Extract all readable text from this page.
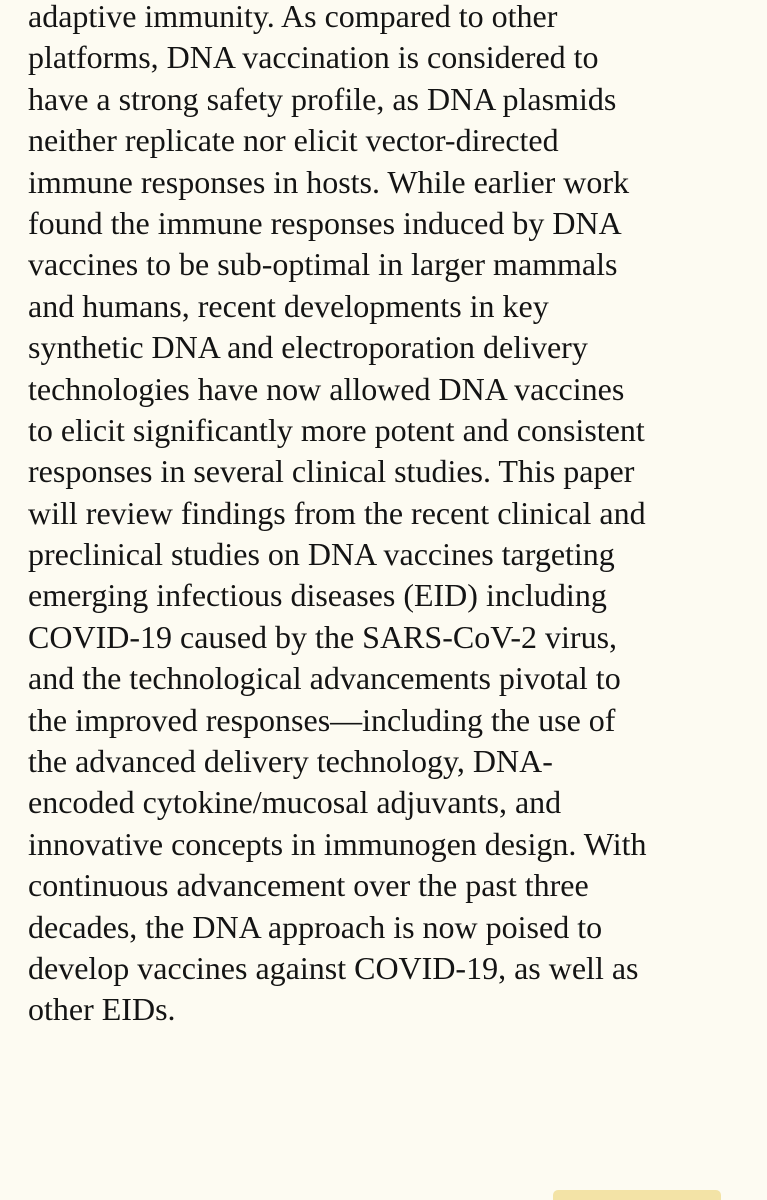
adaptive immunity. As compared to other
platforms, DNA vaccination is considered to
have a strong safety profile, as DNA plasmids
neither replicate nor elicit vector-directed
immune responses in hosts. While earlier work
found the immune responses induced by DNA
vaccines to be sub-optimal in larger mammals
and humans, recent developments in key
synthetic DNA and electroporation delivery
technologies have now allowed DNA vaccines
to elicit significantly more potent and consistent
responses in several clinical studies. This paper
will review findings from the recent clinical and
preclinical studies on DNA vaccines targeting
emerging infectious diseases (EID) including
COVID-19 caused by the SARS-CoV-2 virus,
and the technological advancements pivotal to
the improved responses—including the use of
the advanced delivery technology, DNA-
encoded cytokine/mucosal adjuvants, and
innovative concepts in immunogen design. With
continuous advancement over the past three
decades, the DNA approach is now poised to
develop vaccines against COVID-19, as well as
other EIDs.
